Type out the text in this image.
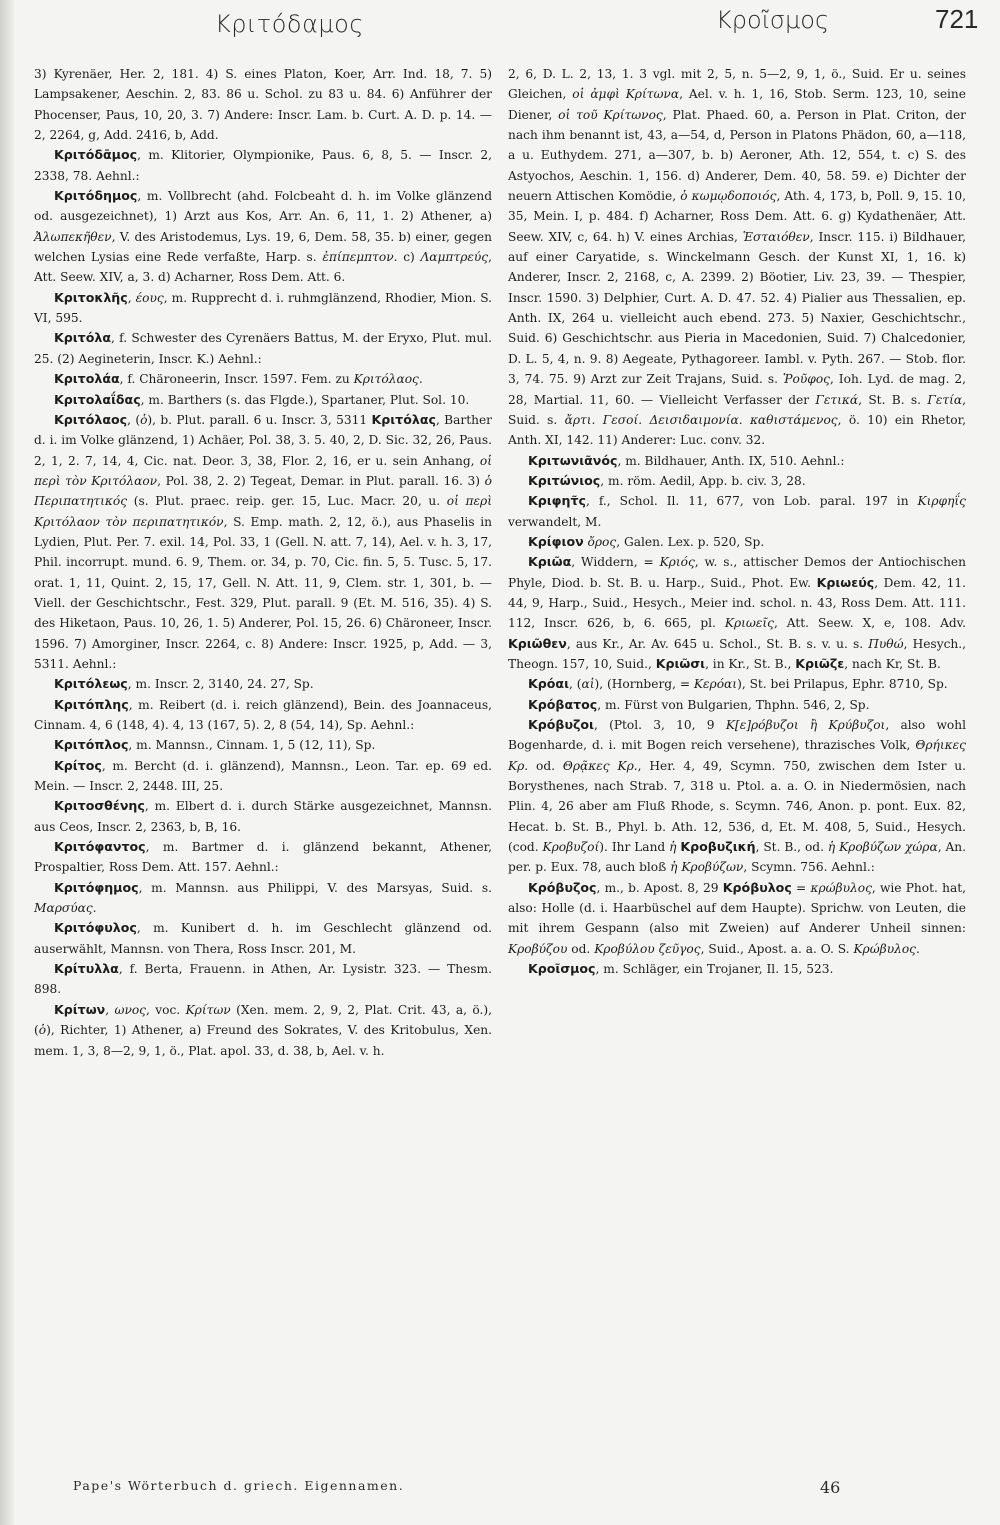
Κριτόδαμος	Κροῖσμος	721

3) Kyrenäer, Her. 2, 181. 4) S. eines Platon, Koer, Arr. Ind. 18, 7. 5) Lampsakener, Aeschin. 2, 83. 86 u. Schol. zu 83 u. 84. 6) Anführer der Phocenser, Paus, 10, 20, 3. 7) Andere: Inscr. Lam. b. Curt. A. D. p. 14. — 2, 2264, g, Add. 2416, b, Add.

Κριτόδᾱμος, m. Klitorier, Olympionike, Paus. 6, 8, 5. — Inscr. 2, 2338, 78. Aehnl.:

Κριτόδημος, m. Vollbrecht (ahd. Folcbeaht d. h. im Volke glänzend od. ausgezeichnet), 1) Arzt aus Kos, Arr. An. 6, 11, 1. 2) Athener, a) Ἀλωπεκῆθεν, V. des Aristodemus, Lys. 19, 6, Dem. 58, 35. b) einer, gegen welchen Lysias eine Rede verfaßte, Harp. s. ἐπίπεμπτον. c) Λαμπτρεύς, Att. Seew. XIV, a, 3. d) Acharner, Ross Dem. Att. 6.

Κριτοκλῆς, έους, m. Rupprecht d. i. ruhmglänzend, Rhodier, Mion. S. VI, 595.

Κριτόλα, f. Schwester des Cyrenäers Battus, M. der Eryxo, Plut. mul. 25. (2) Aegineterin, Inscr. K.) Aehnl.:

Κριτολάα, f. Chäroneerin, Inscr. 1597. Fem. zu Κριτόλαος.

Κριτολαΐδας, m. Barthers (s. das Flgde.), Spartaner, Plut. Sol. 10.

Κριτόλαος, (ὁ), b. Plut. parall. 6 u. Inscr. 3, 5311 Κριτόλας, Barther d. i. im Volke glänzend, 1) Achäer, Pol. 38, 3. 5. 40, 2, D. Sic. 32, 26, Paus. 2, 1, 2. 7, 14, 4, Cic. nat. Deor. 3, 38, Flor. 2, 16, er u. sein Anhang, οἱ περὶ τὸν Κριτόλαον, Pol. 38, 2. 2) Tegeat, Demar. in Plut. parall. 16. 3) ὁ Περιπατητικός (s. Plut. praec. reip. ger. 15, Luc. Macr. 20, u. οἱ περὶ Κριτόλαον τὸν περιπατητικόν, S. Emp. math. 2, 12, ö.), aus Phaselis in Lydien, Plut. Per. 7. exil. 14, Pol. 33, 1 (Gell. N. att. 7, 14), Ael. v. h. 3, 17, Phil. incorrupt. mund. 6. 9, Them. or. 34, p. 70, Cic. fin. 5, 5. Tusc. 5, 17. orat. 1, 11, Quint. 2, 15, 17, Gell. N. Att. 11, 9, Clem. str. 1, 301, b. — Viell. der Geschichtschr., Fest. 329, Plut. parall. 9 (Et. M. 516, 35). 4) S. des Hiketaon, Paus. 10, 26, 1. 5) Anderer, Pol. 15, 26. 6) Chäroneer, Inscr. 1596. 7) Amorginer, Inscr. 2264, c. 8) Andere: Inscr. 1925, p, Add. — 3, 5311. Aehnl.:

Κριτόλεως, m. Inscr. 2, 3140, 24. 27, Sp.

Κριτόπλης, m. Reibert (d. i. reich glänzend), Bein. des Joannaceus, Cinnam. 4, 6 (148, 4). 4, 13 (167, 5). 2, 8 (54, 14), Sp. Aehnl.:

Κριτόπλος, m. Mannsn., Cinnam. 1, 5 (12, 11), Sp.

Κρίτος, m. Bercht (d. i. glänzend), Mannsn., Leon. Tar. ep. 69 ed. Mein. — Inscr. 2, 2448. III, 25.

Κριτοσθένης, m. Elbert d. i. durch Stärke ausgezeichnet, Mannsn. aus Ceos, Inscr. 2, 2363, b, B, 16.

Κριτόφαντος, m. Bartmer d. i. glänzend bekannt, Athener, Prospaltier, Ross Dem. Att. 157. Aehnl.:

Κριτόφημος, m. Mannsn. aus Philippi, V. des Marsyas, Suid. s. Μαρσύας.

Κριτόφυλος, m. Kunibert d. h. im Geschlecht glänzend od. auserwählt, Mannsn. von Thera, Ross Inscr. 201, M.

Κρίτυλλα, f. Berta, Frauenn. in Athen, Ar. Lysistr. 323. — Thesm. 898.

Κρίτων, ωνος, voc. Κρίτων (Xen. mem. 2, 9, 2, Plat. Crit. 43, a, ö.), (ὁ), Richter, 1) Athener, a) Freund des Sokrates, V. des Kritobulus, Xen. mem. 1, 3, 8—2, 9, 1, ö., Plat. apol. 33, d. 38, b, Ael. v. h.

2, 6, D. L. 2, 13, 1. 3 vgl. mit 2, 5, n. 5—2, 9, 1, ö., Suid. Er u. seines Gleichen, οἱ ἀμφὶ Κρίτωνα, Ael. v. h. 1, 16, Stob. Serm. 123, 10, seine Diener, οἱ τοῦ Κρίτωνος, Plat. Phaed. 60, a. Person in Plat. Criton, der nach ihm benannt ist, 43, a—54, d, Person in Platons Phädon, 60, a—118, a u. Euthydem. 271, a—307, b. b) Aeroner, Ath. 12, 554, t. c) S. des Astyochos, Aeschin. 1, 156. d) Anderer, Dem. 40, 58. 59. e) Dichter der neuern Attischen Komödie, ὁ κωμῳδοποιός, Ath. 4, 173, b, Poll. 9, 15. 10, 35, Mein. I, p. 484. f) Acharner, Ross Dem. Att. 6. g) Kydathenäer, Att. Seew. XIV, c, 64. h) V. eines Archias, Ἑσταιόθεν, Inscr. 115. i) Bildhauer, auf einer Caryatide, s. Winckelmann Gesch. der Kunst XI, 1, 16. k) Anderer, Inscr. 2, 2168, c, A. 2399. 2) Böotier, Liv. 23, 39. — Thespier, Inscr. 1590. 3) Delphier, Curt. A. D. 47. 52. 4) Pialier aus Thessalien, ep. Anth. IX, 264 u. vielleicht auch ebend. 273. 5) Naxier, Geschichtschr., Suid. 6) Geschichtschr. aus Pieria in Macedonien, Suid. 7) Chalcedonier, D. L. 5, 4, n. 9. 8) Aegeate, Pythagoreer. Iambl. v. Pyth. 267. — Stob. flor. 3, 74. 75. 9) Arzt zur Zeit Trajans, Suid. s. Ῥοῦφος, Ioh. Lyd. de mag. 2, 28, Martial. 11, 60. — Vielleicht Verfasser der Γετικά, St. B. s. Γετία, Suid. s. ἄρτι. Γεσοί. Δεισιδαιμονία. καθιστάμενος, ö. 10) ein Rhetor, Anth. XI, 142. 11) Anderer: Luc. conv. 32.

Κριτωνιᾶνός, m. Bildhauer, Anth. IX, 510. Aehnl.:

Κριτώνιος, m. röm. Aedil, App. b. civ. 3, 28.

Κριφητ̃ς, f., Schol. Il. 11, 677, von Lob. paral. 197 in Κιρφηΐς verwandelt, M.

Κρίφιον ὄρος, Galen. Lex. p. 520, Sp.

Κριῶα, Widdern, = Κριός, w. s., attischer Demos der Antiochischen Phyle, Diod. b. St. B. u. Harp., Suid., Phot. Ew. Κριωεύς, Dem. 42, 11. 44, 9, Harp., Suid., Hesych., Meier ind. schol. n. 43, Ross Dem. Att. 111. 112, Inscr. 626, b, 6. 665, pl. Κριωεῖς, Att. Seew. X, e, 108. Adv. Κριῶθεν, aus Kr., Ar. Av. 645 u. Schol., St. B. s. v. u. s. Πυθώ, Hesych., Theogn. 157, 10, Suid., Κριῶσι, in Kr., St. B., Κριῶζε, nach Kr, St. B.

Κρόαι, (αἱ), (Hornberg, = Κερόαι), St. bei Prilapus, Ephr. 8710, Sp.

Κρόβατος, m. Fürst von Bulgarien, Thphn. 546, 2, Sp.

Κρόβυζοι, (Ptol. 3, 10, 9 Κ[ε]ρόβυζοι ἢ Κρύβυζοι, also wohl Bogenharde, d. i. mit Bogen reich versehene), thrazisches Volk, Θρήικες Κρ. od. Θρᾷκες Κρ., Her. 4, 49, Scymn. 750, zwischen dem Ister u. Borysthenes, nach Strab. 7, 318 u. Ptol. a. a. O. in Niedermösien, nach Plin. 4, 26 aber am Fluß Rhode, s. Scymn. 746, Anon. p. pont. Eux. 82, Hecat. b. St. B., Phyl. b. Ath. 12, 536, d, Et. M. 408, 5, Suid., Hesych. (cod. Κροβυζοί). Ihr Land ἡ Κροβυζική, St. B., od. ἡ Κροβύζων χώρα, An. per. p. Eux. 78, auch bloß ἡ Κροβύζων, Scymn. 756. Aehnl.:

Κρόβυζος, m., b. Apost. 8, 29 Κρόβυλος = κρώβυλος, wie Phot. hat, also: Holle (d. i. Haarbüschel auf dem Haupte). Sprichw. von Leuten, die mit ihrem Gespann (also mit Zweien) auf Anderer Unheil sinnen: Κροβύζου od. Κροβύλου ζεῦγος, Suid., Apost. a. a. O. S. Κρώβυλος.

Κροῖσμος, m. Schläger, ein Trojaner, Il. 15, 523.

Pape's Wörterbuch d. griech. Eigennamen.	46
